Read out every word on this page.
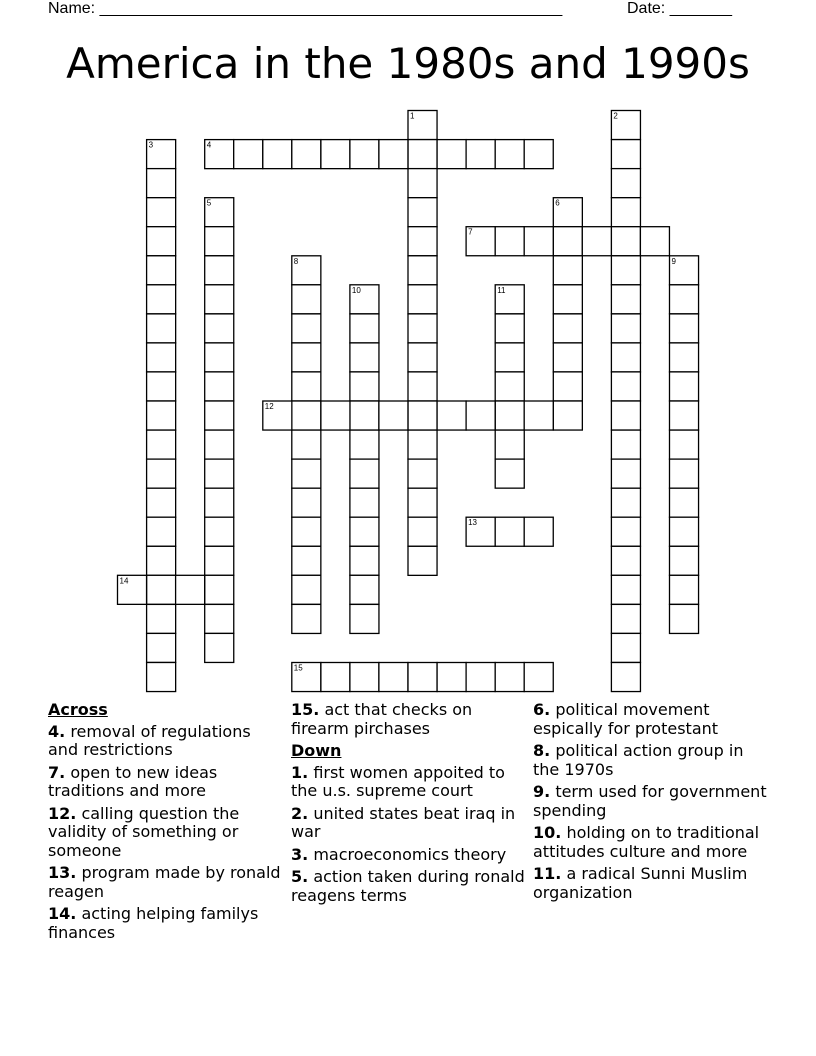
Name: ____________________________________________________	Date: _______
America in the 1980s and 1990s
1	2
3	4
5	6
7
8	9
10	11
12
13
14
15
Across
4. removal of regulations and restrictions
7. open to new ideas traditions and more
12. calling question the validity of something or someone
13. program made by ronald reagen
14. acting helping familys finances
15. act that checks on firearm pirchases
Down
1. first women appoited to the u.s. supreme court
2. united states beat iraq in war
3. macroeconomics theory
5. action taken during ronald reagens terms
6. political movement espically for protestant
8. political action group in the 1970s
9. term used for government spending
10. holding on to traditional attitudes culture and more
11. a radical Sunni Muslim organization
